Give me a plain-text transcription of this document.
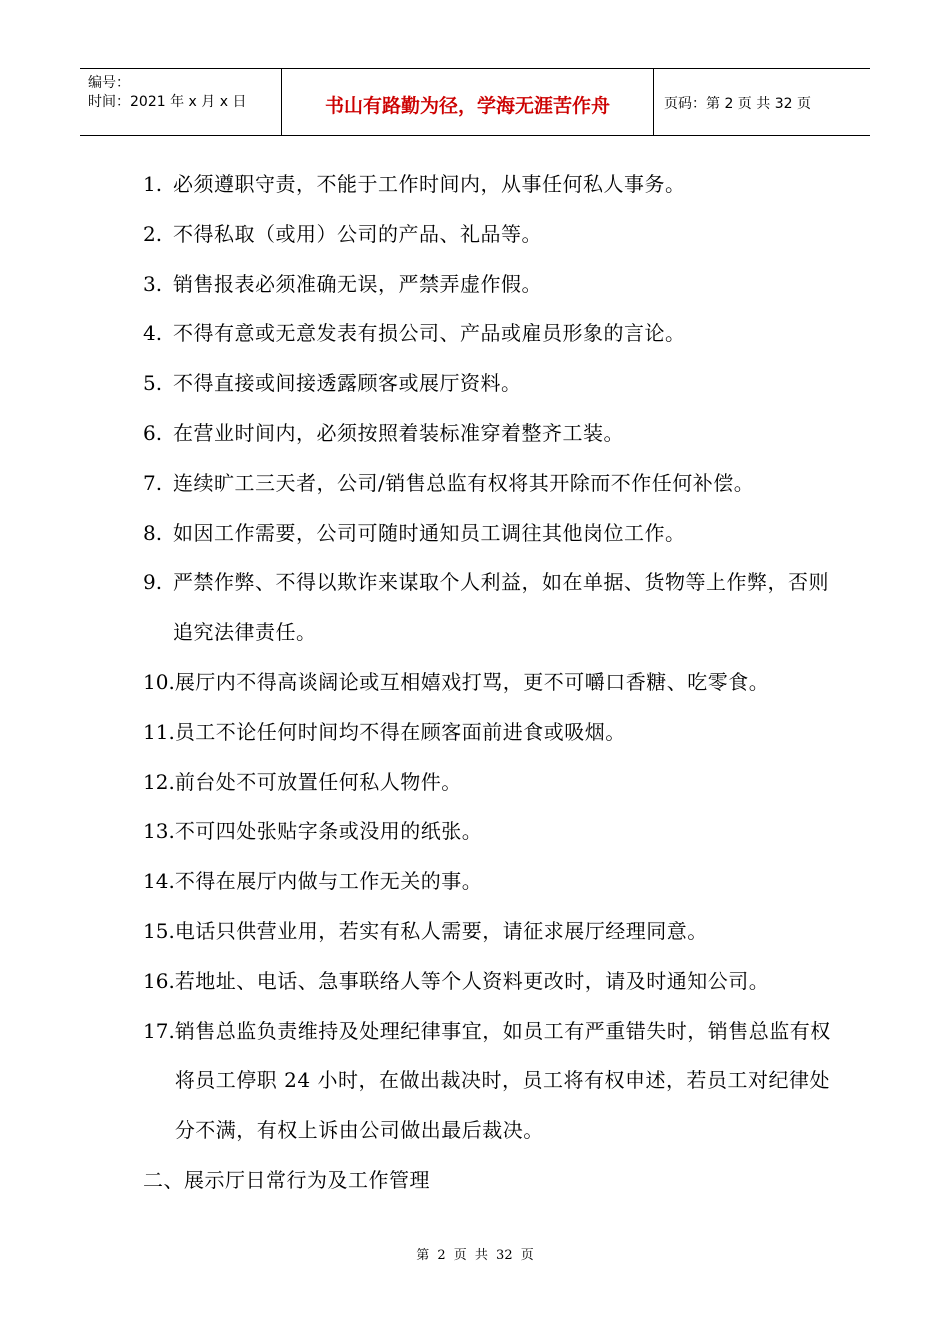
编号：
时间：2021 年 x 月 x 日	书山有路勤为径，学海无涯苦作舟	页码：第 2 页 共 32 页
1. 必须遵职守责，不能于工作时间内，从事任何私人事务。
2. 不得私取（或用）公司的产品、礼品等。
3. 销售报表必须准确无误，严禁弄虚作假。
4. 不得有意或无意发表有损公司、产品或雇员形象的言论。
5. 不得直接或间接透露顾客或展厅资料。
6. 在营业时间内，必须按照着装标准穿着整齐工装。
7. 连续旷工三天者，公司/销售总监有权将其开除而不作任何补偿。
8. 如因工作需要，公司可随时通知员工调往其他岗位工作。
9. 严禁作弊、不得以欺诈来谋取个人利益，如在单据、货物等上作弊，否则追究法律责任。
10. 展厅内不得高谈阔论或互相嬉戏打骂，更不可嚼口香糖、吃零食。
11. 员工不论任何时间均不得在顾客面前进食或吸烟。
12. 前台处不可放置任何私人物件。
13. 不可四处张贴字条或没用的纸张。
14. 不得在展厅内做与工作无关的事。
15. 电话只供营业用，若实有私人需要，请征求展厅经理同意。
16. 若地址、电话、急事联络人等个人资料更改时，请及时通知公司。
17. 销售总监负责维持及处理纪律事宜，如员工有严重错失时，销售总监有权将员工停职 24 小时，在做出裁决时，员工将有权申述，若员工对纪律处分不满，有权上诉由公司做出最后裁决。
二、展示厅日常行为及工作管理
第 2 页 共 32 页
